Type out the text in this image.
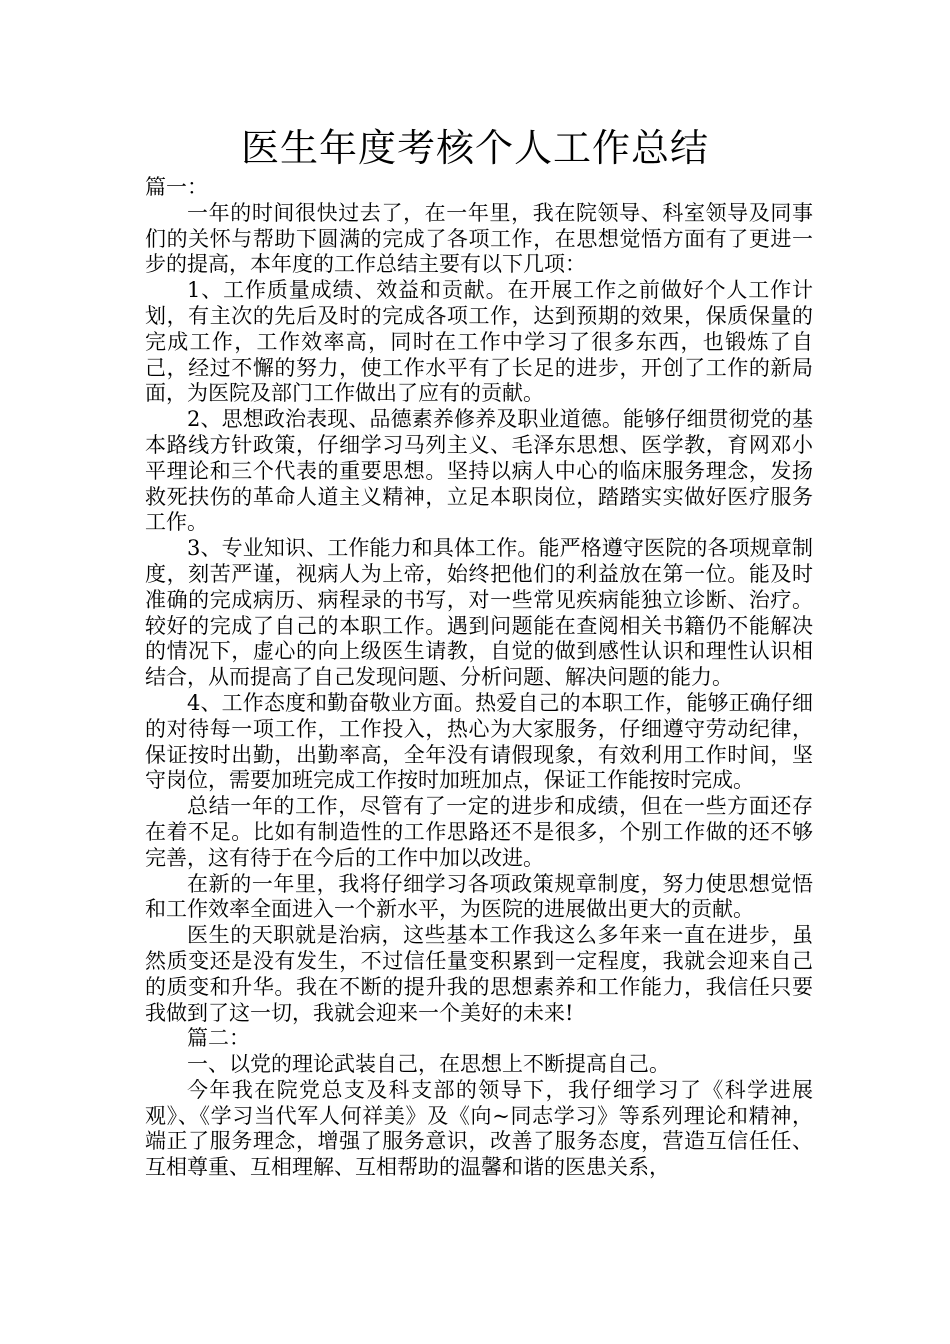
医生年度考核个人工作总结

篇一：

一年的时间很快过去了，在一年里，我在院领导、科室领导及同事们的关怀与帮助下圆满的完成了各项工作，在思想觉悟方面有了更进一步的提高，本年度的工作总结主要有以下几项：

1、工作质量成绩、效益和贡献。在开展工作之前做好个人工作计划，有主次的先后及时的完成各项工作，达到预期的效果，保质保量的完成工作，工作效率高，同时在工作中学习了很多东西，也锻炼了自己，经过不懈的努力，使工作水平有了长足的进步，开创了工作的新局面，为医院及部门工作做出了应有的贡献。

2、思想政治表现、品德素养修养及职业道德。能够仔细贯彻党的基本路线方针政策，仔细学习马列主义、毛泽东思想、医学教，育网邓小平理论和三个代表的重要思想。坚持以病人中心的临床服务理念，发扬救死扶伤的革命人道主义精神，立足本职岗位，踏踏实实做好医疗服务工作。

3、专业知识、工作能力和具体工作。能严格遵守医院的各项规章制度，刻苦严谨，视病人为上帝，始终把他们的利益放在第一位。能及时准确的完成病历、病程录的书写，对一些常见疾病能独立诊断、治疗。较好的完成了自己的本职工作。遇到问题能在查阅相关书籍仍不能解决的情况下，虚心的向上级医生请教，自觉的做到感性认识和理性认识相结合，从而提高了自己发现问题、分析问题、解决问题的能力。

4、工作态度和勤奋敬业方面。热爱自己的本职工作，能够正确仔细的对待每一项工作，工作投入，热心为大家服务，仔细遵守劳动纪律，保证按时出勤，出勤率高，全年没有请假现象，有效利用工作时间，坚守岗位，需要加班完成工作按时加班加点，保证工作能按时完成。

总结一年的工作，尽管有了一定的进步和成绩，但在一些方面还存在着不足。比如有制造性的工作思路还不是很多，个别工作做的还不够完善，这有待于在今后的工作中加以改进。

在新的一年里，我将仔细学习各项政策规章制度，努力使思想觉悟和工作效率全面进入一个新水平，为医院的进展做出更大的贡献。

医生的天职就是治病，这些基本工作我这么多年来一直在进步，虽然质变还是没有发生，不过信任量变积累到一定程度，我就会迎来自己的质变和升华。我在不断的提升我的思想素养和工作能力，我信任只要我做到了这一切，我就会迎来一个美好的未来!

篇二：

一、以党的理论武装自己，在思想上不断提高自己。

今年我在院党总支及科支部的领导下，我仔细学习了《科学进展观》、《学习当代军人何祥美》及《向~同志学习》等系列理论和精神，端正了服务理念，增强了服务意识，改善了服务态度，营造互信任任、互相尊重、互相理解、互相帮助的温馨和谐的医患关系，
